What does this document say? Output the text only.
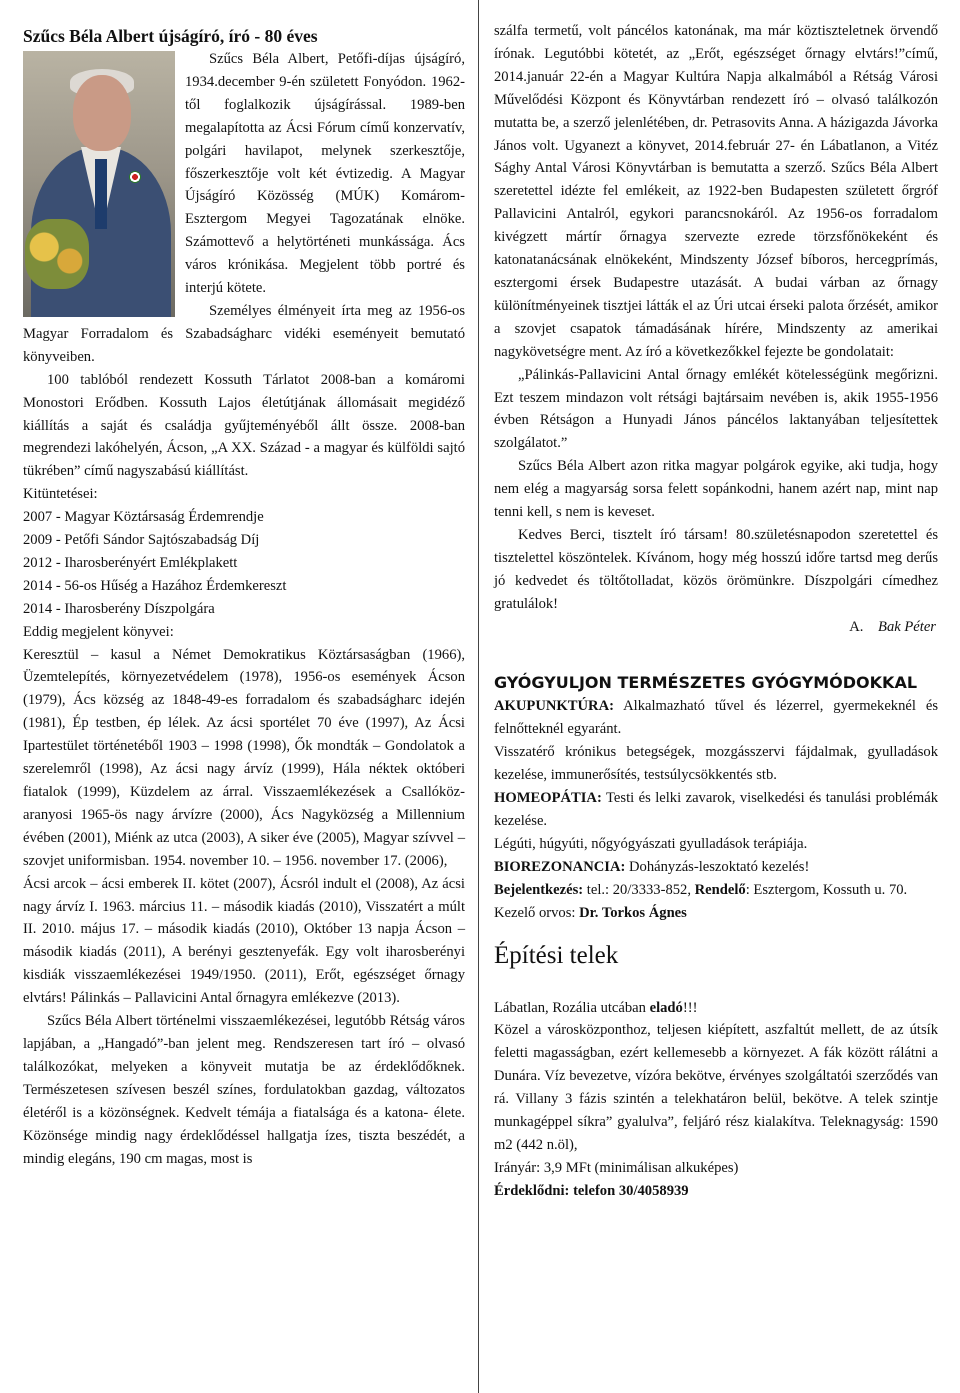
Szűcs Béla Albert újságíró, író - 80 éves

Szűcs Béla Albert, Petőfi-díjas újságíró, 1934.december 9-én született Fonyódon. 1962-től foglalkozik újságírással. 1989-ben megalapította az Ácsi Fórum című konzervatív, polgári havilapot, melynek szerkesztője, főszerkesztője volt két évtizedig. A Magyar Újságíró Közösség (MÚK) Komárom-Esztergom Megyei Tagozatának elnöke. Számottevő a helytörténeti munkássága. Ács város krónikása. Megjelent több portré és interjú kötete.

Személyes élményeit írta meg az 1956-os Magyar Forradalom és Szabadságharc vidéki eseményeit bemutató könyveiben.

100 tablóból rendezett Kossuth Tárlatot 2008-ban a komáromi Monostori Erődben. Kossuth Lajos életútjának állomásait megidéző kiállítás a saját és családja gyűjteményéből állt össze. 2008-ban megrendezi lakóhelyén, Ácson, „A XX. Század - a magyar és külföldi sajtó tükrében” című nagyszabású kiállítást.

Kitüntetései:

2007 - Magyar Köztársaság Érdemrendje

2009 - Petőfi Sándor Sajtószabadság Díj

2012 - Iharosberényért Emlékplakett

2014 - 56-os Hűség a Hazához Érdemkereszt

2014 - Iharosberény Díszpolgára

Eddig megjelent könyvei:

Keresztül – kasul a Német Demokratikus Köztársaságban (1966), Üzemtelepítés, környezetvédelem (1978), 1956-os események Ácson (1979), Ács község az 1848-49-es forradalom és szabadságharc idején (1981), Ép testben, ép lélek. Az ácsi sportélet 70 éve (1997), Az Ácsi Ipartestület történetéből 1903 – 1998 (1998), Ők mondták – Gondolatok a szerelemről (1998), Az ácsi nagy árvíz (1999), Hála néktek októberi fiatalok (1999), Küzdelem az árral. Visszaemlékezések a Csallóköz-aranyosi 1965-ös nagy árvízre (2000), Ács Nagyközség a Millennium évében (2001), Miénk az utca (2003), A siker éve (2005), Magyar szívvel – szovjet uniformisban. 1954. november 10. – 1956. november 17. (2006),

Ácsi arcok – ácsi emberek II. kötet (2007), Ácsról indult el (2008), Az ácsi nagy árvíz I. 1963. március 11. – második kiadás (2010), Visszatért a múlt II. 2010. május 17. – második kiadás (2010), Október 13 napja Ácson – második kiadás (2011), A berényi gesztenyefák. Egy volt iharosberényi kisdiák visszaemlékezései 1949/1950. (2011), Erőt, egészséget őrnagy elvtárs! Pálinkás – Pallavicini Antal őrnagyra emlékezve (2013).

Szűcs Béla Albert történelmi visszaemlékezései, legutóbb Rétság város lapjában, a „Hangadó”-ban jelent meg. Rendszeresen tart író – olvasó találkozókat, melyeken a könyveit mutatja be az érdeklődőknek. Természetesen szívesen beszél színes, fordulatokban gazdag, változatos életéről is a közönségnek. Kedvelt témája a fiatalsága és a katona- élete. Közönsége mindig nagy érdeklődéssel hallgatja ízes, tiszta beszédét, a mindig elegáns, 190 cm magas, most is

szálfa termetű, volt páncélos katonának, ma már köztiszteletnek örvendő írónak. Legutóbbi kötetét, az „Erőt, egészséget őrnagy elvtárs!”című, 2014.január 22-én a Magyar Kultúra Napja alkalmából a Rétság Városi Művelődési Központ és Könyvtárban rendezett író – olvasó találkozón mutatta be, a szerző jelenlétében, dr. Petrasovits Anna. A házigazda Jávorka János volt. Ugyanezt a könyvet, 2014.február 27- én Lábatlanon, a Vitéz Sághy Antal Városi Könyvtárban is bemutatta a szerző. Szűcs Béla Albert szeretettel idézte fel emlékeit, az 1922-ben Budapesten született őrgróf Pallavicini Antalról, egykori parancsnokáról. Az 1956-os forradalom kivégzett mártír őrnagya szervezte ezrede törzsfőnökeként és katonatanácsának elnökeként, Mindszenty József bíboros, hercegprímás, esztergomi érsek Budapestre utazását. A budai várban az őrnagy különítményeinek tisztjei látták el az Úri utcai érseki palota őrzését, amikor a szovjet csapatok támadásának hírére, Mindszenty az amerikai nagykövetségre ment. Az író a következőkkel fejezte be gondolatait:

„Pálinkás-Pallavicini Antal őrnagy emlékét kötelességünk megőrizni. Ezt teszem mindazon volt rétsági bajtársaim nevében is, akik 1955-1956 évben Rétságon a Hunyadi János páncélos laktanyában teljesítettek szolgálatot.”

Szűcs Béla Albert azon ritka magyar polgárok egyike, aki tudja, hogy nem elég a magyarság sorsa felett sopánkodni, hanem azért nap, mint nap tenni kell, s nem is keveset.

Kedves Berci, tisztelt író társam! 80.születésnapodon szeretettel és tisztelettel köszöntelek. Kívánom, hogy még hosszú időre tartsd meg derűs jó kedvedet és töltőtolladat, közös örömünkre. Díszpolgári címedhez gratulálok!

A. Bak Péter

GYÓGYULJON TERMÉSZETES GYÓGYMÓDOKKAL

AKUPUNKTÚRA: Alkalmazható tűvel és lézerrel, gyermekeknél és felnőtteknél egyaránt.

Visszatérő krónikus betegségek, mozgásszervi fájdalmak, gyulladások kezelése, immunerősítés, testsúlycsökkentés stb.

HOMEOPÁTIA: Testi és lelki zavarok, viselkedési és tanulási problémák kezelése.

Légúti, húgyúti, nőgyógyászati gyulladások terápiája.

BIOREZONANCIA: Dohányzás-leszoktató kezelés!

Bejelentkezés: tel.: 20/3333-852, Rendelő: Esztergom, Kossuth u. 70.

Kezelő orvos: Dr. Torkos Ágnes

Építési telek

Lábatlan, Rozália utcában eladó!!!

Közel a városközponthoz, teljesen kiépített, aszfaltút mellett, de az útsík feletti magasságban, ezért kellemesebb a környezet. A fák között rálátni a Dunára. Víz bevezetve, vízóra bekötve, érvényes szolgáltatói szerződés van rá. Villany 3 fázis szintén a telekhatáron belül, bekötve. A telek szintje munkagéppel síkra” gyalulva”, feljáró rész kialakítva. Teleknagyság: 1590 m2 (442 n.öl),

Irányár: 3,9 MFt (minimálisan alkuképes)

Érdeklődni: telefon 30/4058939
